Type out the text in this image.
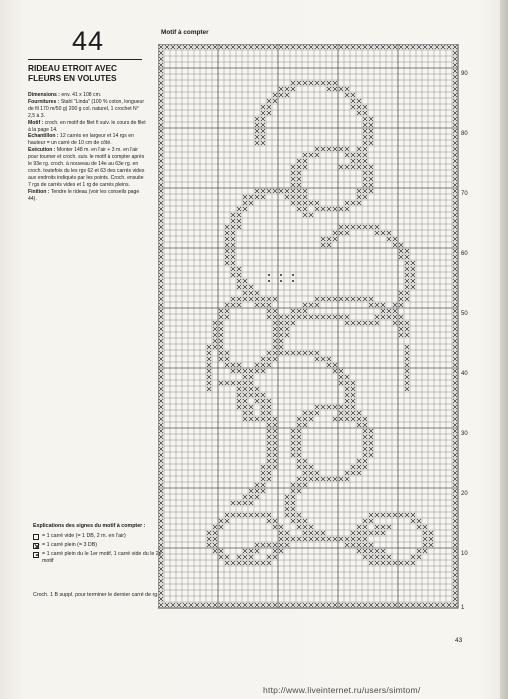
44
RIDEAU ETROIT AVEC FLEURS EN VOLUTES

Dimensions : env. 41 x 108 cm.

Fournitures : Stahl "Linda" (100 % coton, longueur de fil 170 m/50 g) 200 g col. naturel, 1 crochet N° 2,5 à 3.

Motif : croch. en motif de filet fi suiv. le cours de filet à la page 14.

Echantillon : 12 carrés en largeur et 14 rgs en hauteur = un carré de 10 cm de côté.

Exécution : Monter 148 m. en l'air + 3 m. en l'air pour tourner et croch. suiv. le motif à compter après le 93e rg. croch. à nouveau de 14e au 63e rg. en croch. toutefois du les rgs 62 et 63 des carrés vides aux endroits indiqués par les points. Croch. ensuite 7 rgs de carrés vides et 1 rg de carrés pleins.

Finition : Tendre le rideau (voir les conseils page 44).

Motif à compter
90
80
70
60
50
40
30
20
10
1
Explications des signes du motif à compter :
= 1 carré vide (= 1 DB, 2 m. en l'air)
= 1 carré plein (= 3 DB)
= 1 carré plein du le 1er motif, 1 carré vide du le 2e motif
Croch. 1 B suppl. pour terminer le dernier carré de rg.
43
http://www.liveinternet.ru/users/simtom/
